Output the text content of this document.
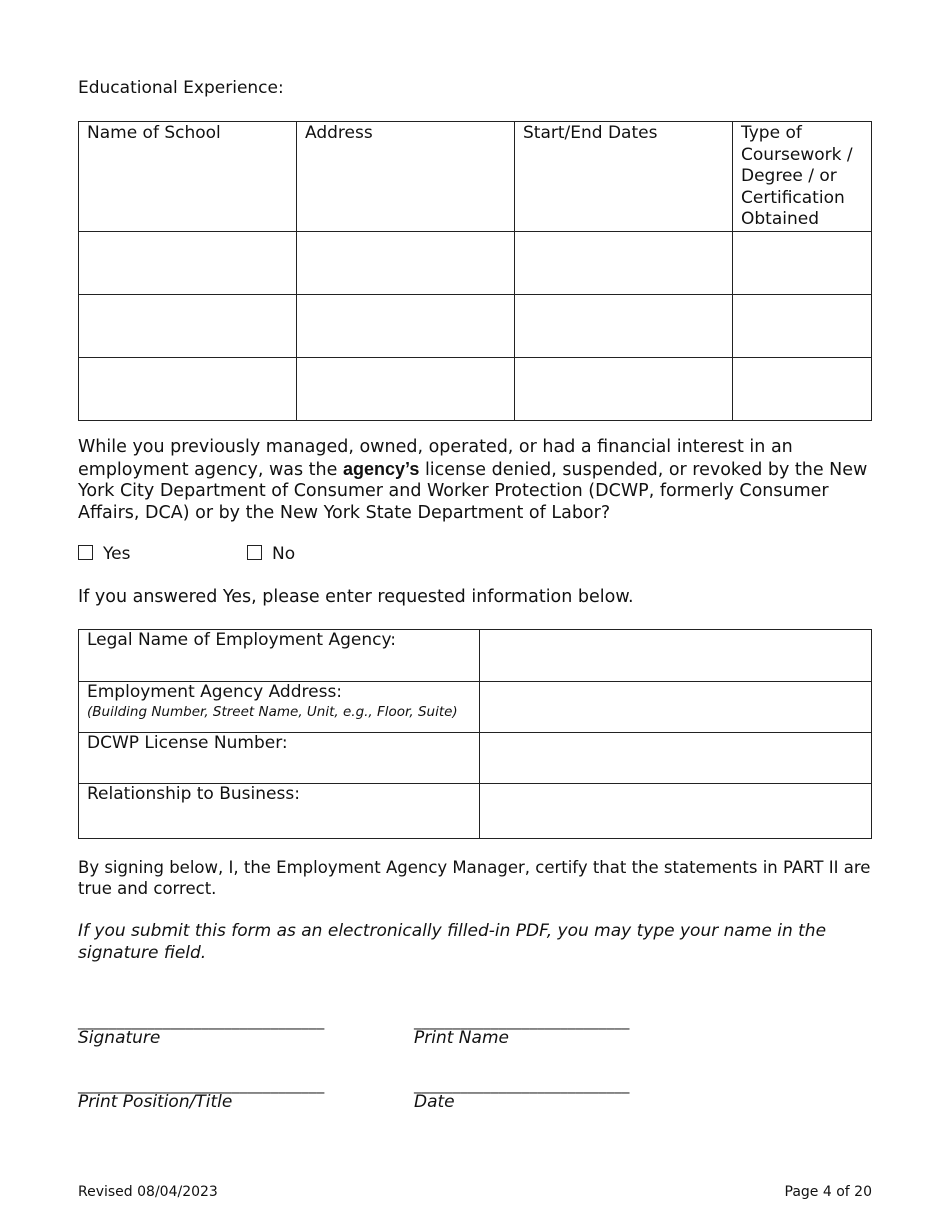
Educational Experience:
Name of School	Address	Start/End Dates	Type of Coursework / Degree / or Certification Obtained

While you previously managed, owned, operated, or had a financial interest in an employment agency, was the agency’s license denied, suspended, or revoked by the New York City Department of Consumer and Worker Protection (DCWP, formerly Consumer Affairs, DCA) or by the New York State Department of Labor?
Yes	No
If you answered Yes, please enter requested information below.
Legal Name of Employment Agency:	
Employment Agency Address:
(Building Number, Street Name, Unit, e.g., Floor, Suite)	

DCWP License Number:	
Relationship to Business:	
By signing below, I, the Employment Agency Manager, certify that the statements in PART II are true and correct.
If you submit this form as an electronically filled-in PDF, you may type your name in the signature field.
________________________________
Signature
____________________________
Print Name
________________________________
Print Position/Title
____________________________
Date
Revised 08/04/2023	Page 4 of 20
